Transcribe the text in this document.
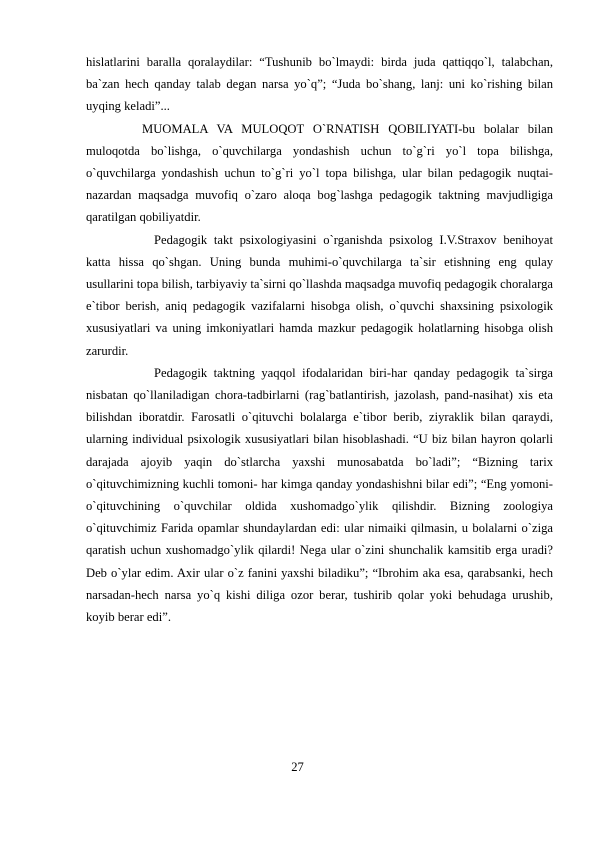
hislatlarini baralla qoralaydilar: “Tushunib bo`lmaydi: birda juda qattiqqo`l, talabchan, ba`zan hech qanday talab degan narsa yo`q”; “Juda bo`shang, lanj: uni ko`rishing bilan uyqing keladi”...

MUOMALA VA MULOQOT O`RNATISH QOBILIYATI-bu bolalar bilan muloqotda bo`lishga, o`quvchilarga yondashish uchun to`g`ri yo`l topa bilishga, o`quvchilarga yondashish uchun to`g`ri yo`l topa bilishga, ular bilan pedagogik nuqtai-nazardan maqsadga muvofiq o`zaro aloqa bog`lashga pedagogik taktning mavjudligiga qaratilgan qobiliyatdir.

Pedagogik takt psixologiyasini o`rganishda psixolog I.V.Straxov benihoyat katta hissa qo`shgan. Uning bunda muhimi-o`quvchilarga ta`sir etishning eng qulay usullarini topa bilish, tarbiyaviy ta`sirni qo`llashda maqsadga muvofiq pedagogik choralarga e`tibor berish, aniq pedagogik vazifalarni hisobga olish, o`quvchi shaxsining psixologik xususiyatlari va uning imkoniyatlari hamda mazkur pedagogik holatlarning hisobga olish zarurdir.

Pedagogik taktning yaqqol ifodalaridan biri-har qanday pedagogik ta`sirga nisbatan qo`llaniladigan chora-tadbirlarni (rag`batlantirish, jazolash, pand-nasihat) xis eta bilishdan iboratdir. Farosatli o`qituvchi bolalarga e`tibor berib, ziyraklik bilan qaraydi, ularning individual psixologik xususiyatlari bilan hisoblashadi. “U biz bilan hayron qolarli darajada ajoyib yaqin do`stlarcha yaxshi munosabatda bo`ladi”; “Bizning tarix o`qituvchimizning kuchli tomoni- har kimga qanday yondashishni bilar edi”; “Eng yomoni-o`qituvchining o`quvchilar oldida xushomadgo`ylik qilishdir. Bizning zoologiya o`qituvchimiz Farida opamlar shundaylardan edi: ular nimaiki qilmasin, u bolalarni o`ziga qaratish uchun xushomadgo`ylik qilardi! Nega ular o`zini shunchalik kamsitib erga uradi? Deb o`ylar edim. Axir ular o`z fanini yaxshi biladiku”; “Ibrohim aka esa, qarabsanki, hech narsadan-hech narsa yo`q kishi diliga ozor berar, tushirib qolar yoki behudaga urushib, koyib berar edi”.

27
